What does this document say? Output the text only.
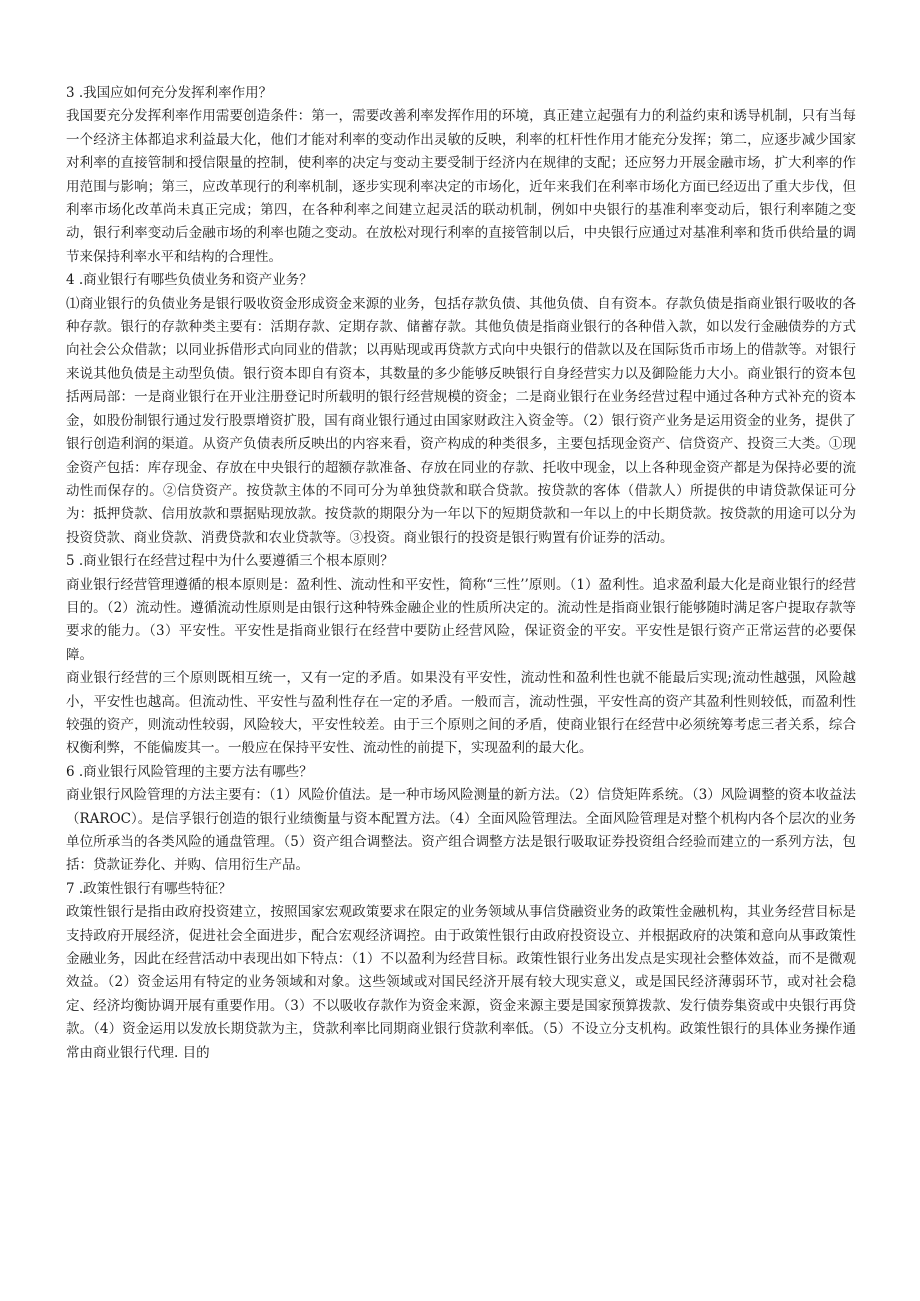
3 .我国应如何充分发挥利率作用？

我国要充分发挥利率作用需要创造条件：第一，需要改善利率发挥作用的环境，真正建立起强有力的利益约束和诱导机制，只有当每一个经济主体都追求利益最大化，他们才能对利率的变动作出灵敏的反映，利率的杠杆性作用才能充分发挥；第二，应逐步减少国家对利率的直接管制和授信限量的控制，使利率的决定与变动主要受制于经济内在规律的支配；还应努力开展金融市场，扩大利率的作用范围与影响；第三，应改革现行的利率机制，逐步实现利率决定的市场化，近年来我们在利率市场化方面已经迈出了重大步伐，但利率市场化改革尚未真正完成；第四，在各种利率之间建立起灵活的联动机制，例如中央银行的基准利率变动后，银行利率随之变动，银行利率变动后金融市场的利率也随之变动。在放松对现行利率的直接管制以后，中央银行应通过对基准利率和货币供给量的调节来保持利率水平和结构的合理性。

4 .商业银行有哪些负债业务和资产业务？

⑴商业银行的负债业务是银行吸收资金形成资金来源的业务，包括存款负债、其他负债、自有资本。存款负债是指商业银行吸收的各种存款。银行的存款种类主要有：活期存款、定期存款、储蓄存款。其他负债是指商业银行的各种借入款，如以发行金融债券的方式向社会公众借款；以同业拆借形式向同业的借款；以再贴现或再贷款方式向中央银行的借款以及在国际货币市场上的借款等。对银行来说其他负债是主动型负债。银行资本即自有资本，其数量的多少能够反映银行自身经营实力以及御险能力大小。商业银行的资本包括两局部：一是商业银行在开业注册登记时所载明的银行经营规模的资金；二是商业银行在业务经营过程中通过各种方式补充的资本金，如股份制银行通过发行股票增资扩股，国有商业银行通过由国家财政注入资金等。（2）银行资产业务是运用资金的业务，提供了银行创造利润的渠道。从资产负债表所反映出的内容来看，资产构成的种类很多，主要包括现金资产、信贷资产、投资三大类。①现金资产包括：库存现金、存放在中央银行的超额存款准备、存放在同业的存款、托收中现金，以上各种现金资产都是为保持必要的流动性而保存的。②信贷资产。按贷款主体的不同可分为单独贷款和联合贷款。按贷款的客体（借款人）所提供的申请贷款保证可分为：抵押贷款、信用放款和票据贴现放款。按贷款的期限分为一年以下的短期贷款和一年以上的中长期贷款。按贷款的用途可以分为投资贷款、商业贷款、消费贷款和农业贷款等。③投资。商业银行的投资是银行购置有价证券的活动。

5 .商业银行在经营过程中为什么要遵循三个根本原则？

商业银行经营管理遵循的根本原则是：盈利性、流动性和平安性，简称“三性’’原则。（1）盈利性。追求盈利最大化是商业银行的经营目的。（2）流动性。遵循流动性原则是由银行这种特殊金融企业的性质所决定的。流动性是指商业银行能够随时满足客户提取存款等要求的能力。（3）平安性。平安性是指商业银行在经营中要防止经营风险，保证资金的平安。平安性是银行资产正常运营的必要保障。

商业银行经营的三个原则既相互统一，又有一定的矛盾。如果没有平安性，流动性和盈利性也就不能最后实现;流动性越强，风险越小，平安性也越高。但流动性、平安性与盈利性存在一定的矛盾。一般而言，流动性强，平安性高的资产其盈利性则较低，而盈利性较强的资产，则流动性较弱，风险较大，平安性较差。由于三个原则之间的矛盾，使商业银行在经营中必须统筹考虑三者关系，综合权衡利弊，不能偏废其一。一般应在保持平安性、流动性的前提下，实现盈利的最大化。

6 .商业银行风险管理的主要方法有哪些？

商业银行风险管理的方法主要有：（1）风险价值法。是一种市场风险测量的新方法。（2）信贷矩阵系统。（3）风险调整的资本收益法（RAROC）。是信孚银行创造的银行业绩衡量与资本配置方法。（4）全面风险管理法。全面风险管理是对整个机构内各个层次的业务单位所承当的各类风险的通盘管理。（5）资产组合调整法。资产组合调整方法是银行吸取证券投资组合经验而建立的一系列方法，包括：贷款证券化、并购、信用衍生产品。

7 .政策性银行有哪些特征？

政策性银行是指由政府投资建立，按照国家宏观政策要求在限定的业务领域从事信贷融资业务的政策性金融机构，其业务经营目标是支持政府开展经济，促进社会全面进步，配合宏观经济调控。由于政策性银行由政府投资设立、并根据政府的决策和意向从事政策性金融业务，因此在经营活动中表现出如下特点：（1）不以盈利为经营目标。政策性银行业务出发点是实现社会整体效益，而不是微观效益。（2）资金运用有特定的业务领域和对象。这些领域或对国民经济开展有较大现实意义，或是国民经济薄弱环节，或对社会稳定、经济均衡协调开展有重要作用。（3）不以吸收存款作为资金来源，资金来源主要是国家预算拨款、发行债券集资或中央银行再贷款。（4）资金运用以发放长期贷款为主，贷款利率比同期商业银行贷款利率低。（5）不设立分支机构。政策性银行的具体业务操作通常由商业银行代理. 目的
